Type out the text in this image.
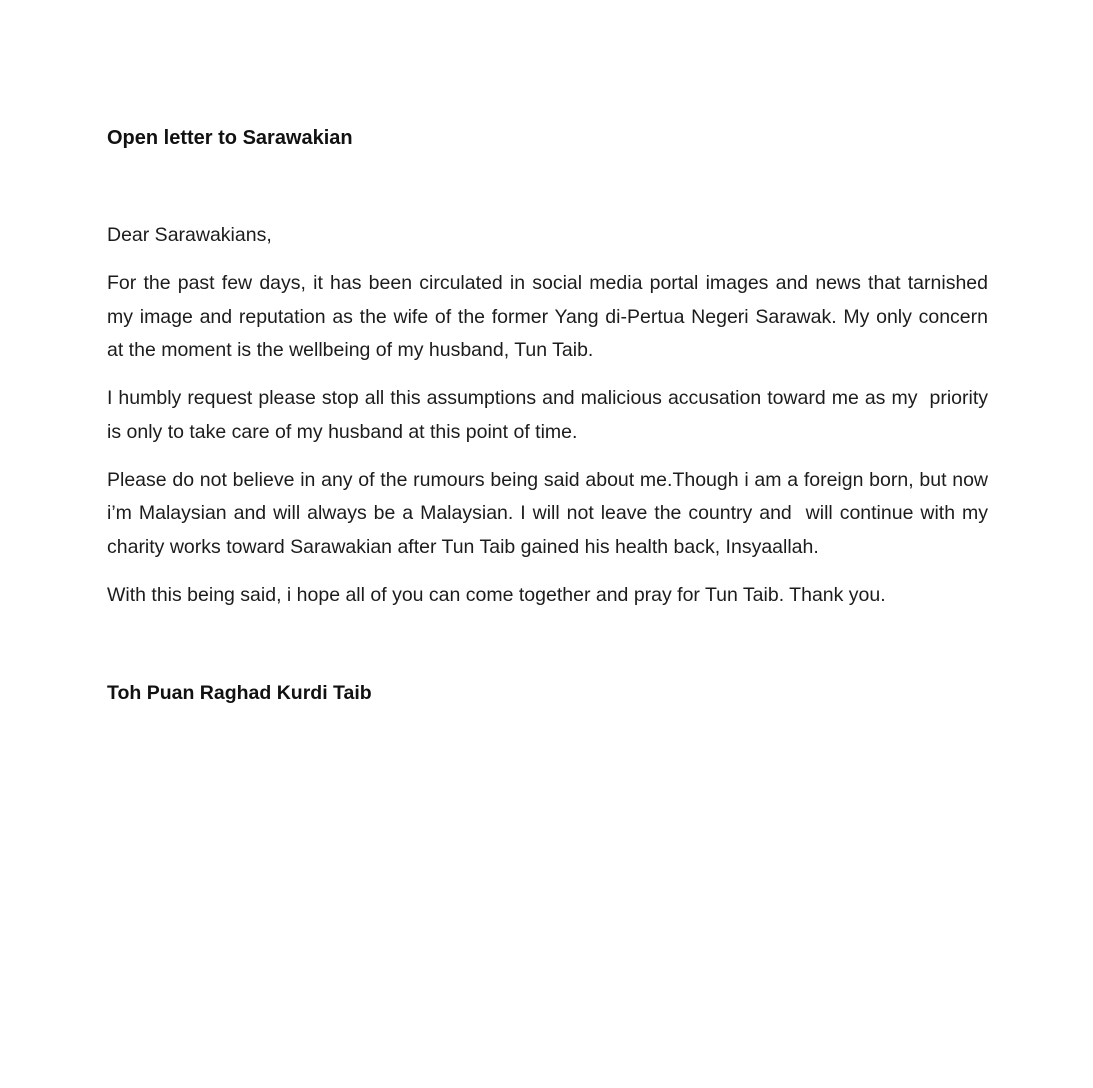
Open letter to Sarawakian
Dear Sarawakians,

For the past few days, it has been circulated in social media portal images and news that tarnished my image and reputation as the wife of the former Yang di-Pertua Negeri Sarawak. My only concern at the moment is the wellbeing of my husband, Tun Taib.

I humbly request please stop all this assumptions and malicious accusation toward me as my  priority is only to take care of my husband at this point of time.

Please do not believe in any of the rumours being said about me.Though i am a foreign born, but now i’m Malaysian and will always be a Malaysian. I will not leave the country and  will continue with my charity works toward Sarawakian after Tun Taib gained his health back, Insyaallah.

With this being said, i hope all of you can come together and pray for Tun Taib. Thank you.

Toh Puan Raghad Kurdi Taib
